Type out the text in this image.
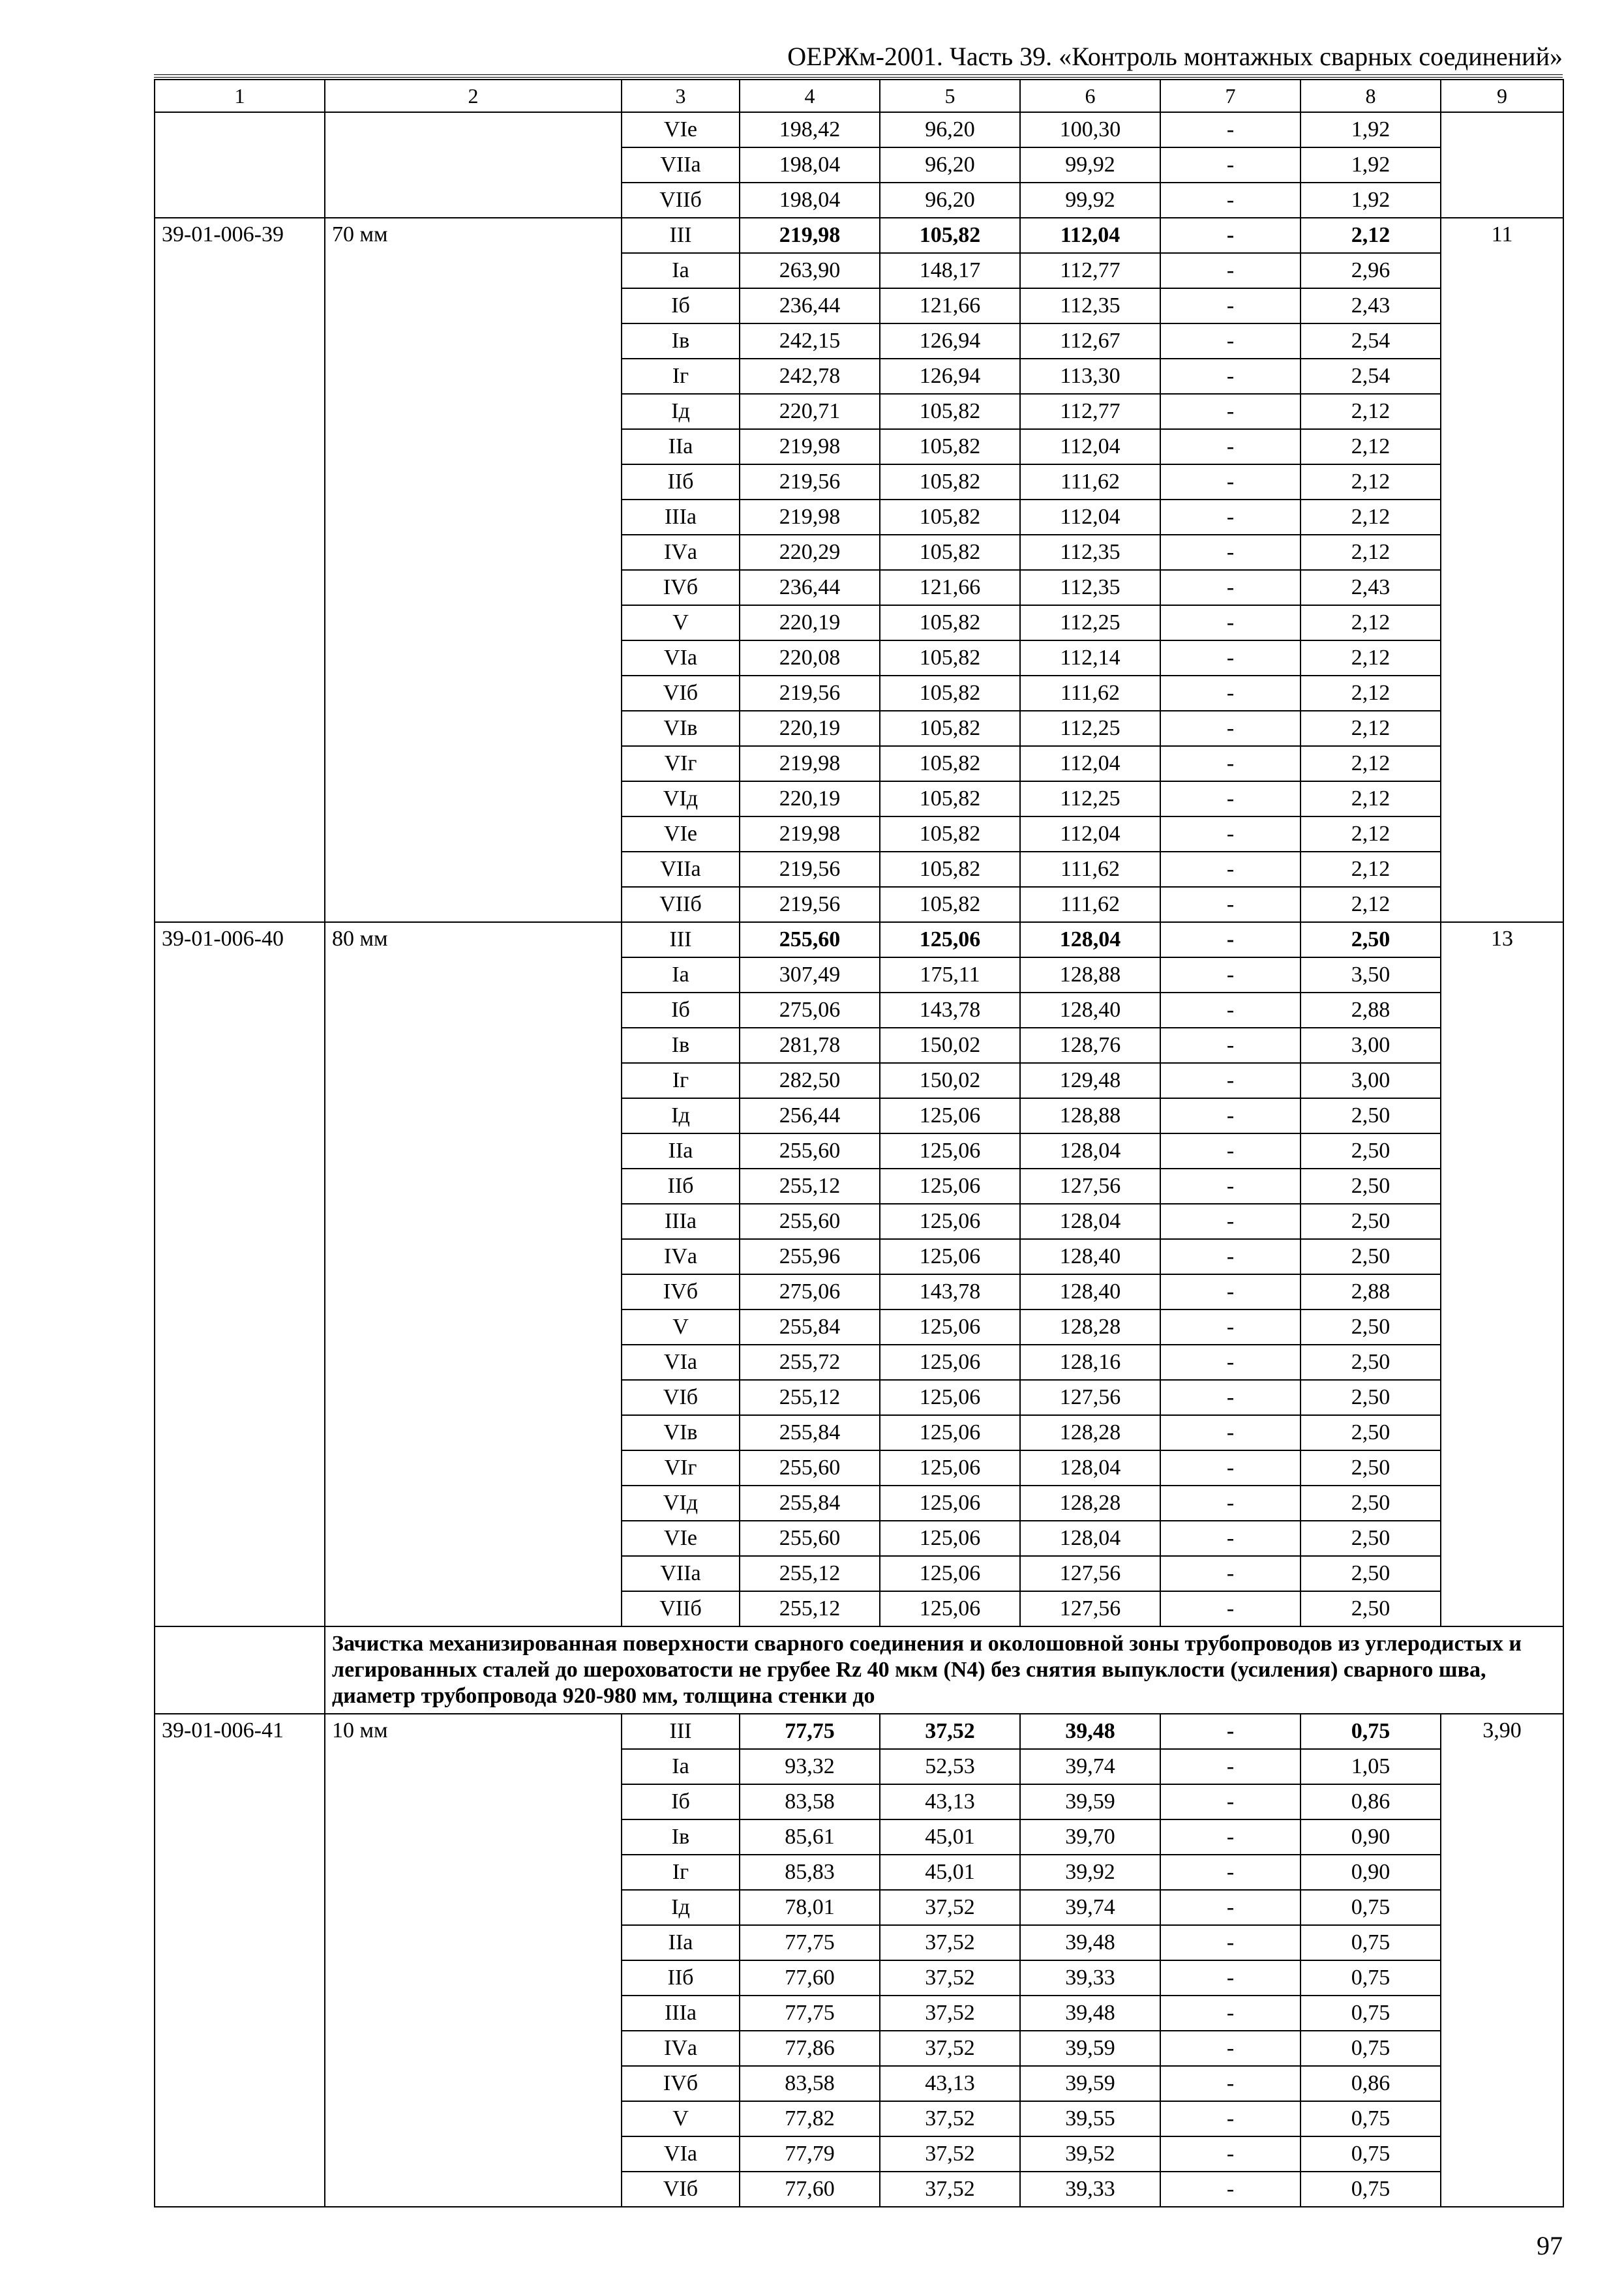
ОЕРЖм-2001. Часть 39. «Контроль монтажных сварных соединений»
1	2	3	4	5	6	7	8	9
		VIе	198,42	96,20	100,30	-	1,92	
		VIIа	198,04	96,20	99,92	-	1,92	
		VIIб	198,04	96,20	99,92	-	1,92	
39-01-006-39	70 мм	III	219,98	105,82	112,04	-	2,12	11
		Iа	263,90	148,17	112,77	-	2,96	
		Iб	236,44	121,66	112,35	-	2,43	
		Iв	242,15	126,94	112,67	-	2,54	
		Iг	242,78	126,94	113,30	-	2,54	
		Iд	220,71	105,82	112,77	-	2,12	
		IIа	219,98	105,82	112,04	-	2,12	
		IIб	219,56	105,82	111,62	-	2,12	
		IIIа	219,98	105,82	112,04	-	2,12	
		IVа	220,29	105,82	112,35	-	2,12	
		IVб	236,44	121,66	112,35	-	2,43	
		V	220,19	105,82	112,25	-	2,12	
		VIа	220,08	105,82	112,14	-	2,12	
		VIб	219,56	105,82	111,62	-	2,12	
		VIв	220,19	105,82	112,25	-	2,12	
		VIг	219,98	105,82	112,04	-	2,12	
		VIд	220,19	105,82	112,25	-	2,12	
		VIе	219,98	105,82	112,04	-	2,12	
		VIIа	219,56	105,82	111,62	-	2,12	
		VIIб	219,56	105,82	111,62	-	2,12	
39-01-006-40	80 мм	III	255,60	125,06	128,04	-	2,50	13
		Iа	307,49	175,11	128,88	-	3,50	
		Iб	275,06	143,78	128,40	-	2,88	
		Iв	281,78	150,02	128,76	-	3,00	
		Iг	282,50	150,02	129,48	-	3,00	
		Iд	256,44	125,06	128,88	-	2,50	
		IIа	255,60	125,06	128,04	-	2,50	
		IIб	255,12	125,06	127,56	-	2,50	
		IIIа	255,60	125,06	128,04	-	2,50	
		IVа	255,96	125,06	128,40	-	2,50	
		IVб	275,06	143,78	128,40	-	2,88	
		V	255,84	125,06	128,28	-	2,50	
		VIа	255,72	125,06	128,16	-	2,50	
		VIб	255,12	125,06	127,56	-	2,50	
		VIв	255,84	125,06	128,28	-	2,50	
		VIг	255,60	125,06	128,04	-	2,50	
		VIд	255,84	125,06	128,28	-	2,50	
		VIе	255,60	125,06	128,04	-	2,50	
		VIIа	255,12	125,06	127,56	-	2,50	
		VIIб	255,12	125,06	127,56	-	2,50	
	Зачистка механизированная поверхности сварного соединения и околошовной зоны трубопроводов из углеродистых и легированных сталей до шероховатости не грубее Rz 40 мкм (N4) без снятия выпуклости (усиления) сварного шва, диаметр трубопровода 920-980 мм, толщина стенки до							
39-01-006-41	10 мм	III	77,75	37,52	39,48	-	0,75	3,90
		Iа	93,32	52,53	39,74	-	1,05	
		Iб	83,58	43,13	39,59	-	0,86	
		Iв	85,61	45,01	39,70	-	0,90	
		Iг	85,83	45,01	39,92	-	0,90	
		Iд	78,01	37,52	39,74	-	0,75	
		IIа	77,75	37,52	39,48	-	0,75	
		IIб	77,60	37,52	39,33	-	0,75	
		IIIа	77,75	37,52	39,48	-	0,75	
		IVа	77,86	37,52	39,59	-	0,75	
		IVб	83,58	43,13	39,59	-	0,86	
		V	77,82	37,52	39,55	-	0,75	
		VIа	77,79	37,52	39,52	-	0,75	
		VIб	77,60	37,52	39,33	-	0,75	
97
